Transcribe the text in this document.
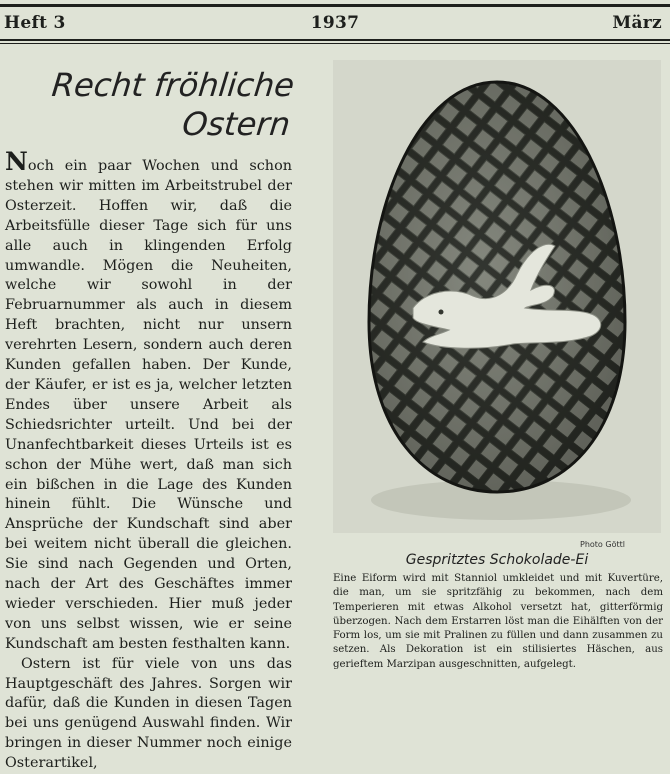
Heft 3	1937	März
Recht fröhliche
Ostern

Noch ein paar Wochen und schon stehen wir mitten im Arbeitstrubel der Osterzeit. Hoffen wir, daß die Arbeitsfülle dieser Tage sich für uns alle auch in klingenden Erfolg umwandle. Mögen die Neuheiten, welche wir sowohl in der Februarnummer als auch in diesem Heft brachten, nicht nur unsern verehrten Lesern, sondern auch deren Kunden gefallen haben. Der Kunde, der Käufer, er ist es ja, welcher letzten Endes über unsere Arbeit als Schiedsrichter urteilt. Und bei der Unanfechtbarkeit dieses Urteils ist es schon der Mühe wert, daß man sich ein bißchen in die Lage des Kunden hinein fühlt. Die Wünsche und Ansprüche der Kundschaft sind aber bei weitem nicht überall die gleichen. Sie sind nach Gegenden und Orten, nach der Art des Geschäftes immer wieder verschieden. Hier muß jeder von uns selbst wissen, wie er seine Kundschaft am besten festhalten kann.

Ostern ist für viele von uns das Hauptgeschäft des Jahres. Sorgen wir dafür, daß die Kunden in diesen Tagen bei uns genügend Auswahl finden. Wir bringen in dieser Nummer noch einige Osterartikel,

Photo Göttl
Gespritztes Schokolade-Ei
Eine Eiform wird mit Stanniol umkleidet und mit Kuvertüre, die man, um sie spritzfähig zu bekommen, nach dem Temperieren mit etwas Alkohol versetzt hat, gitterförmig überzogen. Nach dem Erstarren löst man die Eihälften von der Form los, um sie mit Pralinen zu füllen und dann zusammen zu setzen. Als Dekoration ist ein stilisiertes Häschen, aus gerieftem Marzipan ausgeschnitten, aufgelegt.
